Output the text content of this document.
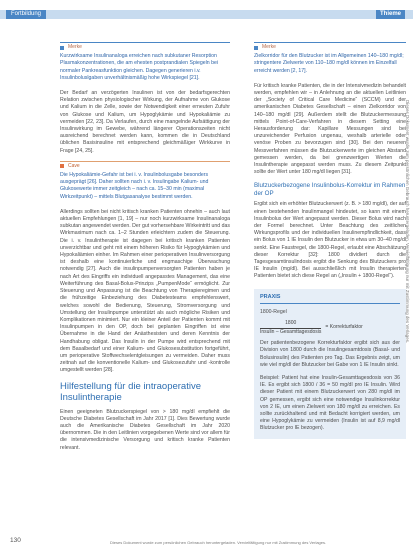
Fortbildung	Thieme
Merke
Kurzwirksame Insulinanaloga erreichen nach subkutaner Resorption Plasmakonzentrationen, die am ehesten postprandialen Spiegeln bei normaler Pankreasfunktion gleichen. Dagegen generieren i.v. Insulinboluslgaben unverhältnismäßig hohe Wirkspiegel [21].

Der Bedarf an verzögerten Insulinen ist von der bedarfsgerechten Relation zwischen physiologischer Wirkung, der Aufnahme von Glukose und Kalium in die Zelle, sowie der Notwendigkeit einer erneuten Zufuhr von Glukose und Kalium, um Hypoglykämie und Hypokaliämie zu vermeiden [22, 23]. Da Verlaufen, durch eine mangelnde Aufsättigung der Insulinwirkung im Gewebe, während längerer Operationszeiten nicht ausreichend berechnet werden kann, kommen die in Deutschland üblichen Basisinsuline mit entsprechend gleichmäßiger Wirkkurve in Frage [24, 25].

Cave
Die Hypokaliämie-Gefahr ist bei i. v. Insulinbolusgabe besonders ausgeprägt [26]. Daher sollten nach i. v. Insulingabe Kalium- und Glukosewerte immer zeitgleich – nach ca. 15–30 min (maximal Wirkzeitpunkt) – mittels Blutgasanalyse bestimmt werden.

Allerdings sollten bei nicht kritisch kranken Patienten ohnehin – auch laut aktuellen Empfehlungen [1, 19] – nur noch kurzwirksame Insulinanaloga subkutan angewendet werden. Der gut vorhersehbare Wirkeintritt und das Wirkmaximum nach ca. 1–2 Stunden erleichtern zudem die Steuerung. Die i. v. Insulintherapie ist dagegen bei kritisch kranken Patienten unverzichtbar und geht mit einem höheren Risiko für Hypoglykämien und Hypokaliämien einher. Im Rahmen einer perioperativen Insulinversorgung ist deshalb eine kontinuierliche und engmaschige Überwachung notwendig [27]. Auch die insulinpumpenversorgten Patienten haben je nach Art des Eingriffs ein individuell angepasstes Management, das eine Weiterführung des Basal-Bolus-Prinzips „PumpenMode“ ermöglicht. Zur Steuerung und Anpassung ist die Beachtung von Therapieregimen und die frühzeitige Einbeziehung des Diabetesteams empfehlenswert, welches sowohl die Bedienung, Steuerung, Stromversorgung und Umstellung der Insulinpumpe unterstützt als auch mögliche Risiken und Komplikationen minimiert. Nur ein kleiner Anteil der Patienten kommt mit Insulinpumpen in den OP, doch bei geplanten Eingriffen ist eine Übernahme in die Hand der Anästhesisten und deren Kenntnis der Handhabung obligat. Das Insulin in der Pumpe wird entsprechend mit dem Basalbedarf und einer Kalium- und Glukosesubstitution fortgeführt, um perioperative Stoffwechselentgleisungen zu vermeiden. Daher muss zeitnah auf die konventionelle Kalium- und Glukosezufuhr und -kontrolle umgestellt werden [28].

Hilfestellung für die intraoperative Insulintherapie

Einen geeigneten Blutzuckerspiegel von > 180 mg/dl empfiehlt die Deutsche Diabetes Gesellschaft im Jahr 2017 [1]. Dies Bewertung wurde auch die Amerikanische Diabetes Gesellschaft im Jahr 2020 übernommen. Die in den Leitlinien vorgegebenen Werte sind vor allem für die intensivmedizinische Versorgung und kritisch kranke Patienten relevant.

Merke
Zielkorridor für den Blutzucker ist im Allgemeinen 140–180 mg/dl; stringentere Zielwerte von 110–180 mg/dl können im Einzelfall erreicht werden [2, 17].

Für kritisch kranke Patienten, die in der Intensivmedizin behandelt werden, empfehlen wir – in Anlehnung an die aktuellen Leitlinien der „Society of Critical Care Medicine“ (SCCM) und der amerikanischen Diabetes Gesellschaft – einen Zielkorridor von 140–180 mg/dl [29]. Außerdem stellt die Blutzuckermessung mittels Point-of-Care-Verfahren in diesem Setting eine Herausforderung dar: Kapillare Messungen sind bei unzureichender Perfusion ungenau, weshalb arterielle oder venöse Proben zu bevorzugen sind [30]. Bei den neueren Messverfahren müssen die Blutzuckerwerte im gleichen Abstand gemessen werden, da bei grenzwertigen Werten die Insulintherapie angepasst werden muss. Zu diesem Zeitpunkt sollte der Wert unter 180 mg/dl liegen [31].

Blutzuckerbezogene Insulinbolus-Korrektur im Rahmen der OP

Ergibt sich ein erhöhter Blutzuckerwert (z. B. > 180 mg/dl), der auf einen bestehenden Insulinmangel hindeutet, so kann mit einem Insulinbolus der Wert angepasst werden. Dieser Bolus wird nach der Formel berechnet. Unter Beachtung des zeitlichen Wirkungsprofils und der individuellen Insulinempfindlichkeit, dass ein Bolus von 1 IE Insulin den Blutzucker in etwa um 30–40 mg/dl senkt. Eine Faustregel, die 1800-Regel, erlaubt eine Abschätzung dieser Korrektur [32]: 1800 dividiert durch die Tagesgesamtinsulindosis ergibt die Senkung des Blutzuckers pro IE Insulin (mg/dl). Bei ausschließlich mit Insulin therapierten Patienten bietet sich diese Regel an („Insulin + 1800-Regel“).

PRAXIS
1800-Regel
1800
Insulin – Gesamttagesdosis
= Korrekturfaktor

Der patientenbezogene Korrekturfaktor ergibt sich aus der Division von 1800 durch die Insulingesamtdosis (Basal- und Bolusinsulin) des Patienten pro Tag. Das Ergebnis zeigt, um wie viel mg/dl der Blutzucker bei Gabe von 1 IE Insulin sinkt.

Beispiel: Patient hat eine Insulin-Gesamttagesdosis von 36 IE. Es ergibt sich 1800 / 36 = 50 mg/dl pro IE Insulin. Wird dieser Patient mit einem Blutzuckerwert von 280 mg/dl im OP gemessen, ergibt sich eine notwendige Insulinkorrektur von 2 IE, um einen Zielwert von 180 mg/dl zu erreichen. Es sollte zurückhaltend und mit Bedacht korrigiert werden, um eine Hypoglykämie zu vermeiden (Insulin ist auf 8,9 mg/dl Blutzucker pro IE bezogen).

Dieses Dokument wurde zum persönlichen Gebrauch heruntergeladen. Vervielfältigung nur mit Zustimmung des Verlages.
130	Dieses Dokument wurde zum persönlichen Gebrauch heruntergeladen. Vervielfältigung nur mit Zustimmung des Verlages.
